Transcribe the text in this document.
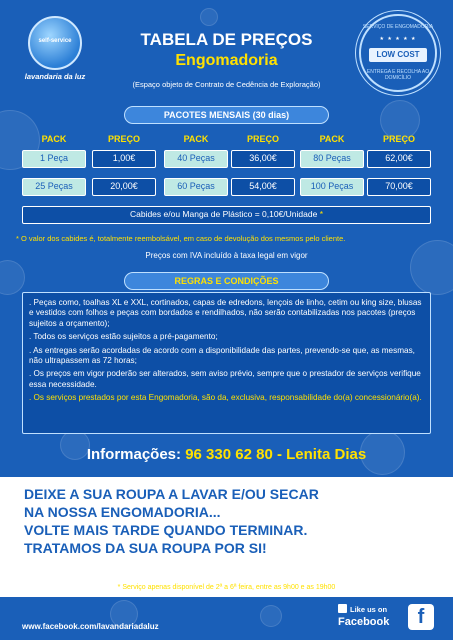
self-service
lavandaria da luz
SERVIÇO DE ENGOMADORIA
★ ★ ★ ★ ★
LOW COST
ENTREGA E RECOLHA AO DOMICÍLIO
TABELA DE PREÇOS
Engomadoria
(Espaço objeto de Contrato de Cedência de Exploração)
PACOTES MENSAIS (30 dias)
PACK	PREÇO	PACK	PREÇO	PACK	PREÇO
1 Peça	1,00€	40 Peças	36,00€	80 Peças	62,00€
25 Peças	20,00€	60 Peças	54,00€	100 Peças	70,00€
Cabides e/ou Manga de Plástico = 0,10€/Unidade *
* O valor dos cabides é, totalmente reembolsável, em caso de devolução dos mesmos pelo cliente.
Preços com IVA incluído à taxa legal em vigor
REGRAS E CONDIÇÕES

. Peças como, toalhas XL e XXL, cortinados, capas de edredons, lençois de linho, cetim ou king size, blusas e vestidos com folhos e peças com bordados e rendilhados, não serão contabilizadas nos pacotes (preços sujeitos a orçamento);

. Todos os serviços estão sujeitos a pré-pagamento;

. As entregas serão acordadas de acordo com a disponibilidade das partes, prevendo-se que, as mesmas, não ultrapassem as 72 horas;

. Os preços em vigor poderão ser alterados, sem aviso prévio, sempre que o prestador de serviços verifique essa necessidade.

. Os serviços prestados por esta Engomadoria, são da, exclusiva, responsabilidade do(a) concessionário(a).

Informações: 96 330 62 80 - Lenita Dias
DEIXE A SUA ROUPA A LAVAR E/OU SECAR
NA NOSSA ENGOMADORIA...
VOLTE MAIS TARDE QUANDO TERMINAR.
TRATAMOS DA SUA ROUPA POR SI!
* Serviço apenas disponível de 2ª a 6ª feira, entre as 9h00 e as 19h00
www.facebook.com/lavandariadaluz
Like us on
Facebook	f
